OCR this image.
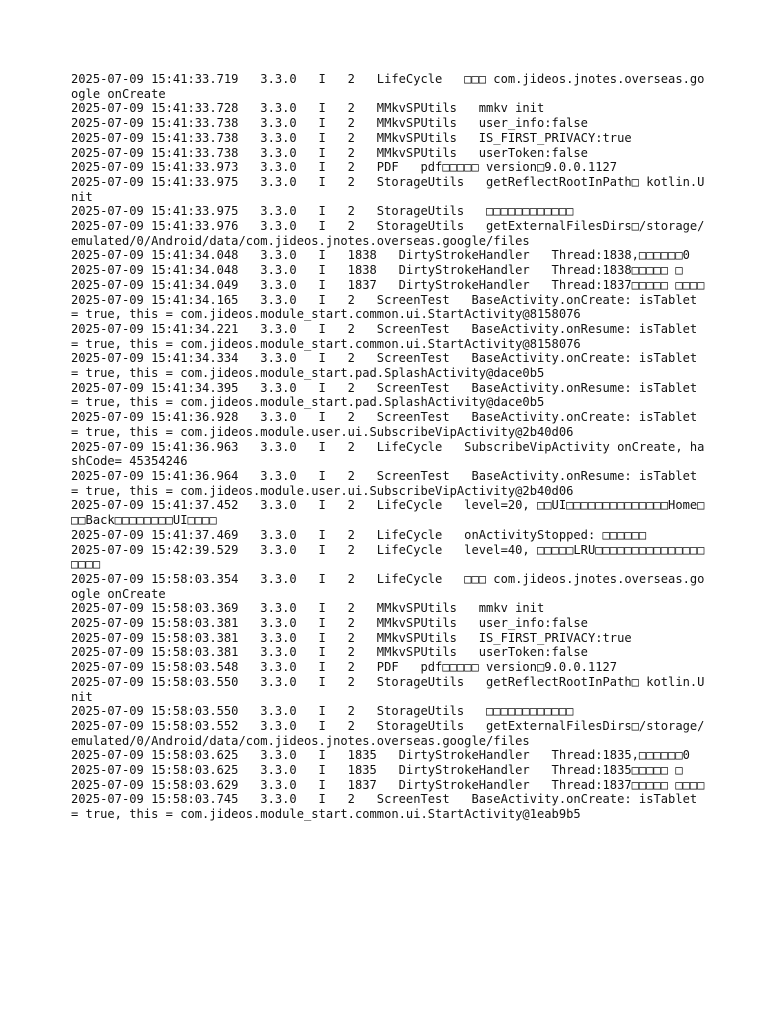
2025-07-09 15:41:33.719   3.3.0   I   2   LifeCycle   □□□ com.jideos.jnotes.overseas.google onCreate
2025-07-09 15:41:33.728   3.3.0   I   2   MMkvSPUtils   mmkv init
2025-07-09 15:41:33.738   3.3.0   I   2   MMkvSPUtils   user_info:false
2025-07-09 15:41:33.738   3.3.0   I   2   MMkvSPUtils   IS_FIRST_PRIVACY:true
2025-07-09 15:41:33.738   3.3.0   I   2   MMkvSPUtils   userToken:false
2025-07-09 15:41:33.973   3.3.0   I   2   PDF   pdf□□□□□ version□9.0.0.1127
2025-07-09 15:41:33.975   3.3.0   I   2   StorageUtils   getReflectRootInPath□ kotlin.Unit
2025-07-09 15:41:33.975   3.3.0   I   2   StorageUtils   □□□□□□□□□□□□
2025-07-09 15:41:33.976   3.3.0   I   2   StorageUtils   getExternalFilesDirs□/storage/emulated/0/Android/data/com.jideos.jnotes.overseas.google/files
2025-07-09 15:41:34.048   3.3.0   I   1838   DirtyStrokeHandler   Thread:1838,□□□□□□0
2025-07-09 15:41:34.048   3.3.0   I   1838   DirtyStrokeHandler   Thread:1838□□□□□ □
2025-07-09 15:41:34.049   3.3.0   I   1837   DirtyStrokeHandler   Thread:1837□□□□□ □□□□
2025-07-09 15:41:34.165   3.3.0   I   2   ScreenTest   BaseActivity.onCreate: isTablet = true, this = com.jideos.module_start.common.ui.StartActivity@8158076
2025-07-09 15:41:34.221   3.3.0   I   2   ScreenTest   BaseActivity.onResume: isTablet = true, this = com.jideos.module_start.common.ui.StartActivity@8158076
2025-07-09 15:41:34.334   3.3.0   I   2   ScreenTest   BaseActivity.onCreate: isTablet = true, this = com.jideos.module_start.pad.SplashActivity@dace0b5
2025-07-09 15:41:34.395   3.3.0   I   2   ScreenTest   BaseActivity.onResume: isTablet = true, this = com.jideos.module_start.pad.SplashActivity@dace0b5
2025-07-09 15:41:36.928   3.3.0   I   2   ScreenTest   BaseActivity.onCreate: isTablet = true, this = com.jideos.module.user.ui.SubscribeVipActivity@2b40d06
2025-07-09 15:41:36.963   3.3.0   I   2   LifeCycle   SubscribeVipActivity onCreate, hashCode= 45354246
2025-07-09 15:41:36.964   3.3.0   I   2   ScreenTest   BaseActivity.onResume: isTablet = true, this = com.jideos.module.user.ui.SubscribeVipActivity@2b40d06
2025-07-09 15:41:37.452   3.3.0   I   2   LifeCycle   level=20, □□UI□□□□□□□□□□□□□□Home□□□Back□□□□□□□□UI□□□□
2025-07-09 15:41:37.469   3.3.0   I   2   LifeCycle   onActivityStopped: □□□□□□
2025-07-09 15:42:39.529   3.3.0   I   2   LifeCycle   level=40, □□□□□LRU□□□□□□□□□□□□□□□□□□□
2025-07-09 15:58:03.354   3.3.0   I   2   LifeCycle   □□□ com.jideos.jnotes.overseas.google onCreate
2025-07-09 15:58:03.369   3.3.0   I   2   MMkvSPUtils   mmkv init
2025-07-09 15:58:03.381   3.3.0   I   2   MMkvSPUtils   user_info:false
2025-07-09 15:58:03.381   3.3.0   I   2   MMkvSPUtils   IS_FIRST_PRIVACY:true
2025-07-09 15:58:03.381   3.3.0   I   2   MMkvSPUtils   userToken:false
2025-07-09 15:58:03.548   3.3.0   I   2   PDF   pdf□□□□□ version□9.0.0.1127
2025-07-09 15:58:03.550   3.3.0   I   2   StorageUtils   getReflectRootInPath□ kotlin.Unit
2025-07-09 15:58:03.550   3.3.0   I   2   StorageUtils   □□□□□□□□□□□□
2025-07-09 15:58:03.552   3.3.0   I   2   StorageUtils   getExternalFilesDirs□/storage/emulated/0/Android/data/com.jideos.jnotes.overseas.google/files
2025-07-09 15:58:03.625   3.3.0   I   1835   DirtyStrokeHandler   Thread:1835,□□□□□□0
2025-07-09 15:58:03.625   3.3.0   I   1835   DirtyStrokeHandler   Thread:1835□□□□□ □
2025-07-09 15:58:03.629   3.3.0   I   1837   DirtyStrokeHandler   Thread:1837□□□□□ □□□□
2025-07-09 15:58:03.745   3.3.0   I   2   ScreenTest   BaseActivity.onCreate: isTablet = true, this = com.jideos.module_start.common.ui.StartActivity@1eab9b5
